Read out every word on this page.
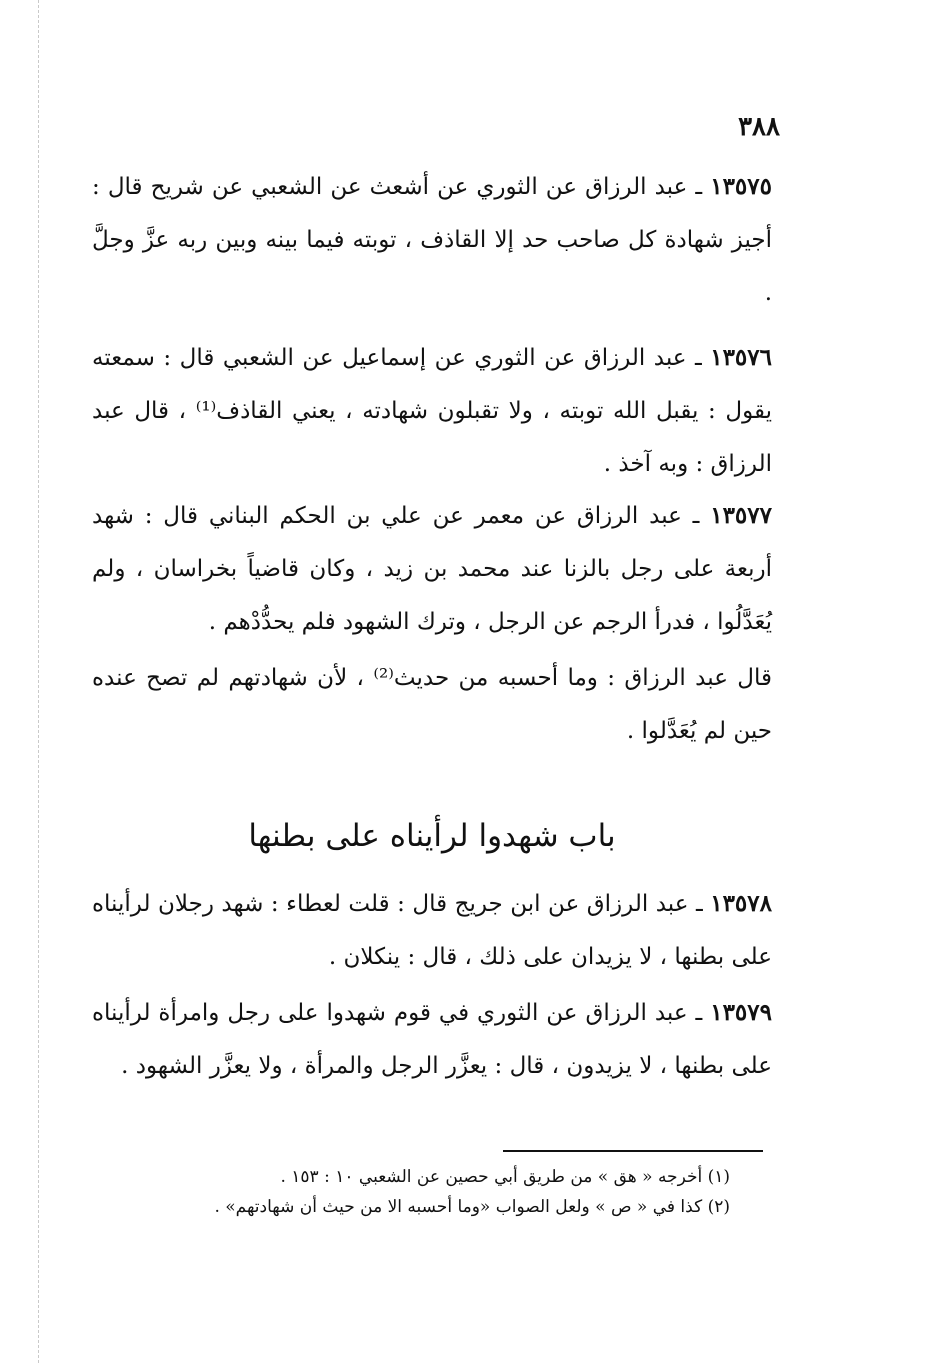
٣٨٨

١٣٥٧٥ ـ عبد الرزاق عن الثوري عن أشعث عن الشعبي عن شريح قال : أجيز شهادة كل صاحب حد إلا القاذف ، توبته فيما بينه وبين ربه عزَّ وجلَّ .

١٣٥٧٦ ـ عبد الرزاق عن الثوري عن إسماعيل عن الشعبي قال : سمعته يقول : يقبل الله توبته ، ولا تقبلون شهادته ، يعني القاذف⁽¹⁾ ، قال عبد الرزاق : وبه آخذ .

١٣٥٧٧ ـ عبد الرزاق عن معمر عن علي بن الحكم البناني قال : شهد أربعة على رجل بالزنا عند محمد بن زيد ، وكان قاضياً بخراسان ، ولم يُعَدَّلُوا ، فدرأ الرجم عن الرجل ، وترك الشهود فلم يحدُّدْهم .

قال عبد الرزاق : وما أحسبه من حديث⁽²⁾ ، لأن شهادتهم لم تصح عنده حين لم يُعَدَّلوا .

باب شهدوا لرأيناه على بطنها

١٣٥٧٨ ـ عبد الرزاق عن ابن جريج قال : قلت لعطاء : شهد رجلان لرأيناه على بطنها ، لا يزيدان على ذلك ، قال : ينكلان .

١٣٥٧٩ ـ عبد الرزاق عن الثوري في قوم شهدوا على رجل وامرأة لرأيناه على بطنها ، لا يزيدون ، قال : يعزَّر الرجل والمرأة ، ولا يعزَّر الشهود .

(١) أخرجه « هق » من طريق أبي حصين عن الشعبي ١٠ : ١٥٣ .
(٢) كذا في « ص » ولعل الصواب «وما أحسبه الا من حيث أن شهادتهم» .
